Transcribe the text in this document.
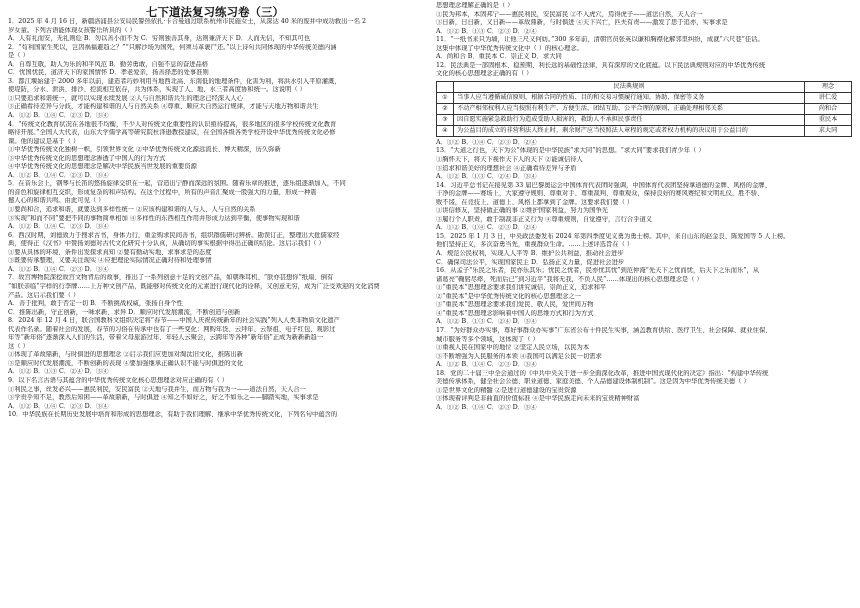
七下道法复习练习卷（三）
1．2025 年 4 月 16 日，新疆洛浦县公安局民警热依扎·卡合曼通过联系杭州市民施女士，从深达 40 米的废井中成功救出一名 2
岁女童。下列古语能体现女孩警岳所具的（ ）
A．人有礼而安，无礼则危 B．勿以善小而不为 C．穷则独善其身，达则兼济天下 D．人而无信，不知其可也
2．“苟利国家生死以，岂因祸福避趋之？”“只解沙场为国死，何须马革裹尸还。”以上诗句共同体现的中华传统美德内涵
是（ ）
A．自尊互敬，助人为乐的和平风范 B．勤劳勇敢，自强不息的奋进品格
C．忧国忧民，道济天下的家国情怀 D．孝老爱亲，扬善择恶的处事准则
3．都江堰始建于 2000 多年以前，建造者巧妙利用当地西北高、东南低的地理条件，化害为利，将洪水引入平原灌溉，
使堤防，分水、泄洪、排沙、控流相互依存，共为体系，实现了人、地、水三者高度协和统一。这说明（ ）
①只要追求和谐统一，就可以实现永续发展 ②人与自然和谐共生的理念已经深入人心
③正确看待差异与分歧，才能构建和谐的人与自然关系 ④尊重、顺应大自然运行规律，才能与天地万物和谐共生
A．①② B．①④ C．②③ D．③④
4．“传统文化教育状况在各地很不均衡，不少人对传统文化重要性的认识亟待提高，很多地区的很多学校传统文化教育
略待开展。”全国人大代表，山东大学儒学高等研究院杜泽逊教授建议，在全国各级各类学校开设中华优秀传统文化必修
课。他的建议是基于（ ）
①中华优秀传统文化独树一帜，引领世界文化 ②中华优秀传统文化源远流长、博大精深，历久弥新
③中华优秀传统文化的思想理念渗透了中国人的行为方式
④中华优秀传统文化的思想理念是解决中华民族当世发展的重要资源
A．①② B．①④ C．②③ D．③④
5．在音乐会上，钢琴与长笛的悠扬旋律交织在一起，营造出宁静而深远的氛围。随着乐章的推进，逐乐组逐渐加入，不同
的音色和旋律相互交织，形成复杂的和声结构。在这个过程中，所有的声音汇聚成一股强大的力量，形成一种震
撼人心的和谐共鸣。由此可见（ ）
①要尚和合，追求和谐，就要达到多样性统一 ②应该构建和谐的人与人、人与自然的关系
③实现“和而不同”要把不同的事物简单相加 ④多样性的东西相互作用并形成力达到平衡，使事物实现和谐
A．①② B．①④ C．②③ D．③④
6．西汉时期，刘德致力于搜求古书，身体力行，重金购求民间善书，组织群儒研讨辨析。勘误订正，整理出大批儒家经
典，使得正《汉书》中赞扬刘德对古代文化研究十分认真，从确切的事实根据中得出正确的结论。这启示我们（ ）
①要从具体的环境、条件出发探求真知 ②要有勤动实地、求事求是的态度
③既要传承整理，又要关注现实 ④应把理论实际情况正确对待和处理事情
A．①② B．①④ C．②③ D．③④
7．故宫博物院深挖故宫文物背后的故事，推出了一系列创意十足的文创产品，如朝珠耳机、“朕亦甚想你”纸扇、倒有
“如朕亲临”字样的行李牌……上万种文创产品，既能够对传统文化的元素进行现代化的诠释，又创意无穷，成为广泛受欢迎的文化消费
产品。这启示我们要（ ）
A．善于批判，敢于否定一切 B．不断挑战权威，张扬自身个性
C．推陈出新，守正创新，一味求新、求异 D．顺应时代发展潮流，不断创造与创新
8．2024 年 12 月 4 日，联合国教科文组织决定将“春节——中国人庆祝传统新年的社会实践”列入人类非物质文化遗产
代表作名录。随着社会的发展，春节的习俗在传承中也有了一些变化：网购年货、云拜年、云祭祖、电子红包、观影过
年等“新年俗”逐渐深入人们的生活，带着父母旅游过年、年轻人云聚会，云跨年等各种“新年俗”正成为新新新趋一
这（ ）
①体现了革故鼎新，与时俱进的思想理念 ②启示我们应更加对淘汰旧文化，推陈出新
③是顺应时代发展潮流，不断创新的表现 ④要加强继承正确认识不能与时俱进的文化
A．①② B．①③ C．②④ D．③④
9．以下名言古语与其蕴含的中华优秀传统文化核心思想理念对应正确的有（ ）
①利民之事，丝发必兴——惠民利民，安民富民 ②天地与我并生，而万物与我为一——道法自然，天人合一
③学贵乎知不足，教然后知困——革故鼎新，与时俱进 ④知之不如好之，好之不如乐之——脚踏实地，实事求是
A．①② B．①④ C．②③ D．③④
10．中华民族在长期历史发展中培育和形成的思想理念，有助于我们理解、继承中华优秀传统文化，下列名句中蕴含的
思想理念理解正确的是（ ）
①民为邦本，本固邦宁——惠民利民，安民富民 ②不入虎穴，焉得虎子——道法自然，天人合一
③日新，日日新，又日新——革故鼎新，与时俱进 ④天下兴亡，匹夫有责——激发了思于追亦，实事求是
A．①② B．①③ C．②③ D．②④
11．“一纸书来只为墙，让他三尺又何妨。”300 多年前，清朝官员张英以谦和胸襟化解邻里纠纷，成就“六尺巷”佳话。
这集中体现了中华优秀传统文化中（ ）的核心理念。
A．尚和合 B．重民本 C．崇正义 D．求大同
12．民法典是一部固根本、稳预期、利长远的基础性法律，具有深厚的文化底蕴。以下民法典规则对应的中华优秀传统
文化的核心思想理念正确的有（ ）
	民法典规则	理念
①	当事人应当遵循诚信原则，根据合同的性质、目的和交易习惯履行通知、协助、保密等义务	讲仁爱
②	不动产相邻权利人应当按照有利生产、方便生活、团结互助、公平合理的原则，正确处理相邻关系	尚和合
③	因自愿实施紧急救助行为造成受助人损害的，救助人不承担民事责任	重民本
④	为公益目的成立的非营利法人终止时，剩余财产应当按照法人章程的规定或者权力机构的决议用于公益目的	求大同
A．①② B．①④ C．②③ D．②④
13．“大道之行也，天下为公”体现的是中华民族“求大同”的思想。“求大同”要求我们青少年（ ）
①胸怀天下，将天下视作天下人的天下 ②能诚信待人
③追求和谐美好的理想社会 ④正确看待差异与矛盾
A．①② B．①③ C．②④ D．③④
14．习近平总书记在接见第 33 届巴黎奥运会中国体育代表团时强调，中国体育代表团坚持拿道德的金牌、风格的金牌、
干净的金牌——赛场上，大家遵守规则、尊重对手、尊重裁判、尊重观众，保持良好的赛风赛纪和文明礼仪，胜不骄、
败不馁，在竞技上、道德上、风格上都拿到了金牌。这要求我们要（ ）
①讲信修友，坚持做正确的事 ②维护国家利益，努力为国争光
③履行个人职责，敢于制裁非正义行为 ④尊重规则，自觉遵守，言行合乎道义
A．①② B．①④ C．②③ D．②④
15．2025 年 1 月 3 日，中央政法委发布 2024 年第四季度见义勇为勇士榜。其中，来自山东的赵金良、陈爱国等 5 人上榜。
他们坚持正义，多次奋勇当先，重视群众生命。……上述评选旨在（ ）
A．规范公民权利，实现人人平等 B．维护公共利益，推动社会进步
C．确保司法公平，实现国家民主 D．弘扬正义力量，促进社会进步
16．从孟子“乐民之乐者，民亦乐其乐；忧民之忧者，民亦忧其忧”到范仲淹“先天下之忧而忧，后天下之乐而乐”，从
诸葛亮“鞠躬尽瘁，死而后已”到习近平“我将无我，不负人民”……体现出的核心思想理念是（ ）
①“重民本”思想理念要求我们讲究诚信，崇尚正义，追求和平
②“重民本”是中华优秀传统文化的核心思想理念之一
③“重民本”思想理念要求我们爱民、敬人民，爱世间万物
④“重民本”思想理念影响着中国人的思维方式和行为方式
A．①② B．①③ C．②④ D．③④
17．“为好群众办实事，尊好事群众办实事”广东省公布十件民生实事，涵盖教育供给、医疗卫生、社会保障、就业住保、
城市服务等多个领域，这体现了（ ）
①重视人民在国家中的地位 ②坚定人民立场，以民为本
③不断增强为人民服务的本领 ④我国可以满足公民一切需求
A．①② B．①④ C．②③ D．③④
18．党的二十届三中全会通过的《中共中央关于进一步全面深化改革，推进中国式现代化的决定》指出：“构建中华传统
美德传承体系，健全社会公德、职业道德、家庭美德、个人品德建设体制机制”。这是因为中华优秀传统美德（ ）
①是世界文化的精髓 ②是进行道德建设的宝贵资源
③体现着评判是非曲直的价值标准 ④是中华民族走向未来的宝贵精神财富
A．①② B．①④ C．②③ D．③④
